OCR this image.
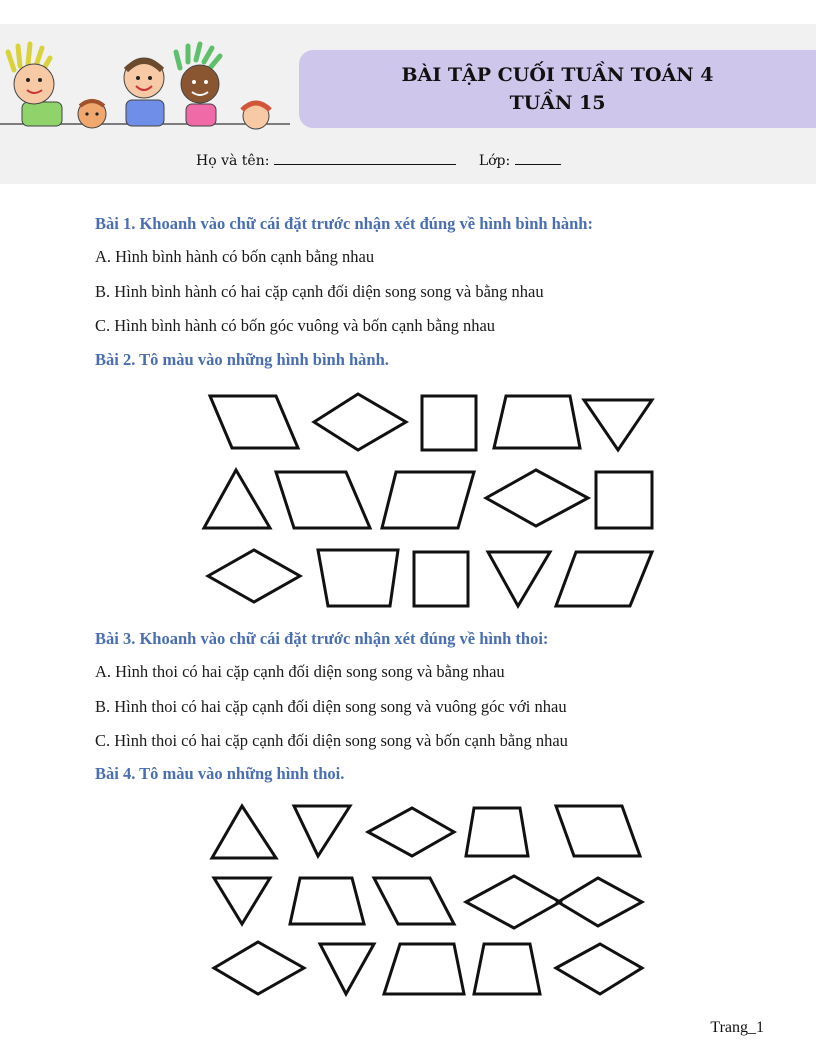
BÀI TẬP CUỐI TUẦN TOÁN 4
TUẦN 15
Họ và tên:	Lớp:
Bài 1. Khoanh vào chữ cái đặt trước nhận xét đúng về hình bình hành:
A. Hình bình hành có bốn cạnh bằng nhau
B. Hình bình hành có hai cặp cạnh đối diện song song và bằng nhau
C. Hình bình hành có bốn góc vuông và bốn cạnh bằng nhau
Bài 2. Tô màu vào những hình bình hành.
Bài 3. Khoanh vào chữ cái đặt trước nhận xét đúng về hình thoi:
A. Hình thoi có hai cặp cạnh đối diện song song và bằng nhau
B. Hình thoi có hai cặp cạnh đối diện song song và vuông góc với nhau
C. Hình thoi có hai cặp cạnh đối diện song song và bốn cạnh bằng nhau
Bài 4. Tô màu vào những hình thoi.
Trang_1
